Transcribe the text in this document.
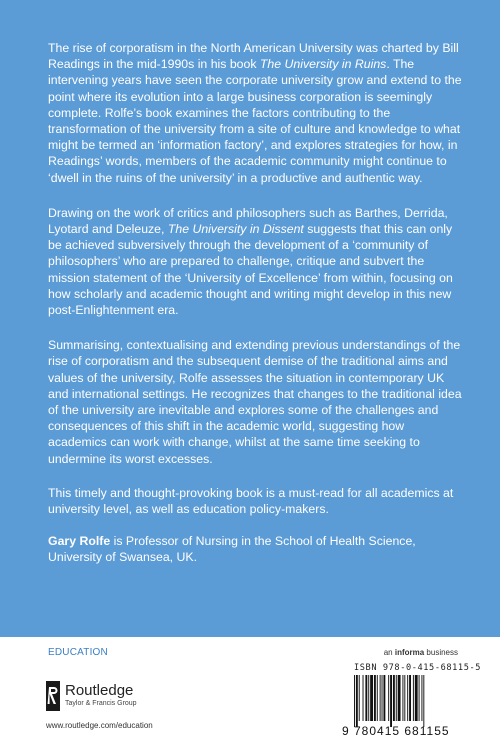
The rise of corporatism in the North American University was charted by Bill Readings in the mid-1990s in his book The University in Ruins. The intervening years have seen the corporate university grow and extend to the point where its evolution into a large business corporation is seemingly complete. Rolfe’s book examines the factors contributing to the transformation of the university from a site of culture and knowledge to what might be termed an ‘information factory’, and explores strategies for how, in Readings’ words, members of the academic community might continue to ‘dwell in the ruins of the university’ in a productive and authentic way.

Drawing on the work of critics and philosophers such as Barthes, Derrida, Lyotard and Deleuze, The University in Dissent suggests that this can only be achieved subversively through the development of a ‘community of philosophers’ who are prepared to challenge, critique and subvert the mission statement of the ‘University of Excellence’ from within, focusing on how scholarly and academic thought and writing might develop in this new post-Enlightenment era.

Summarising, contextualising and extending previous understandings of the rise of corporatism and the subsequent demise of the traditional aims and values of the university, Rolfe assesses the situation in contemporary UK and international settings. He recognizes that changes to the traditional idea of the university are inevitable and explores some of the challenges and consequences of this shift in the academic world, suggesting how academics can work with change, whilst at the same time seeking to undermine its worst excesses.

This timely and thought-provoking book is a must-read for all academics at university level, as well as education policy-makers.

Gary Rolfe is Professor of Nursing in the School of Health Science, University of Swansea, UK.

EDUCATION	an informa business
Routledge
Taylor & Francis Group
www.routledge.com/education
ISBN 978-0-415-68115-5
9 780415 681155
